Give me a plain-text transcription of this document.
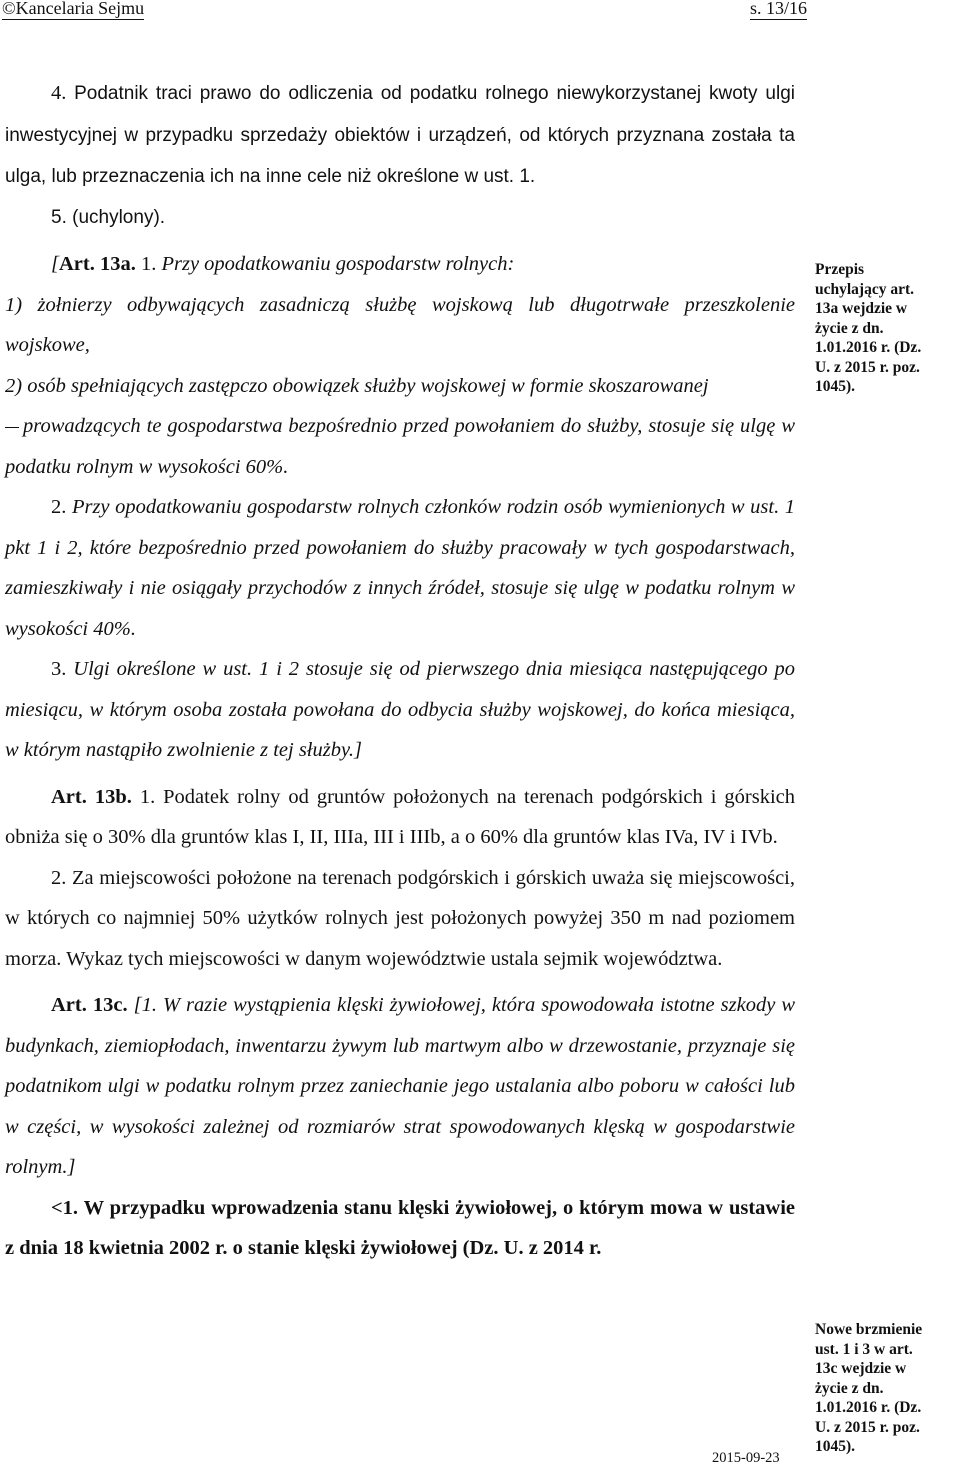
©Kancelaria Sejmu	s. 13/16

4. Podatnik traci prawo do odliczenia od podatku rolnego niewykorzystanej kwoty ulgi inwestycyjnej w przypadku sprzedaży obiektów i urządzeń, od których przyznana została ta ulga, lub przeznaczenia ich na inne cele niż określone w ust. 1.

5. (uchylony).

[Art. 13a. 1. Przy opodatkowaniu gospodarstw rolnych:

1) żołnierzy odbywających zasadniczą służbę wojskową lub długotrwałe przeszkolenie wojskowe,

2) osób spełniających zastępczo obowiązek służby wojskowej w formie skoszarowanej

prowadzących te gospodarstwa bezpośrednio przed powołaniem do służby, stosuje się ulgę w podatku rolnym w wysokości 60%.

2. Przy opodatkowaniu gospodarstw rolnych członków rodzin osób wymienionych w ust. 1 pkt 1 i 2, które bezpośrednio przed powołaniem do służby pracowały w tych gospodarstwach, zamieszkiwały i nie osiągały przychodów z innych źródeł, stosuje się ulgę w podatku rolnym w wysokości 40%.

3. Ulgi określone w ust. 1 i 2 stosuje się od pierwszego dnia miesiąca następującego po miesiącu, w którym osoba została powołana do odbycia służby wojskowej, do końca miesiąca, w którym nastąpiło zwolnienie z tej służby.]

Art. 13b. 1. Podatek rolny od gruntów położonych na terenach podgórskich i górskich obniża się o 30% dla gruntów klas I, II, IIIa, III i IIIb, a o 60% dla gruntów klas IVa, IV i IVb.

2. Za miejscowości położone na terenach podgórskich i górskich uważa się miejscowości, w których co najmniej 50% użytków rolnych jest położonych powyżej 350 m nad poziomem morza. Wykaz tych miejscowości w danym województwie ustala sejmik województwa.

Art. 13c. [1. W razie wystąpienia klęski żywiołowej, która spowodowała istotne szkody w budynkach, ziemiopłodach, inwentarzu żywym lub martwym albo w drzewostanie, przyznaje się podatnikom ulgi w podatku rolnym przez zaniechanie jego ustalania albo poboru w całości lub w części, w wysokości zależnej od rozmiarów strat spowodowanych klęską w gospodarstwie rolnym.]

<1. W przypadku wprowadzenia stanu klęski żywiołowej, o którym mowa w ustawie z dnia 18 kwietnia 2002 r. o stanie klęski żywiołowej (Dz. U. z 2014 r.

Przepis
uchylający art.
13a wejdzie w
życie z dn.
1.01.2016 r. (Dz.
U. z 2015 r. poz.
1045).
Nowe brzmienie
ust. 1 i 3 w art.
13c wejdzie w
życie z dn.
1.01.2016 r. (Dz.
U. z 2015 r. poz.
1045).
2015-09-23
